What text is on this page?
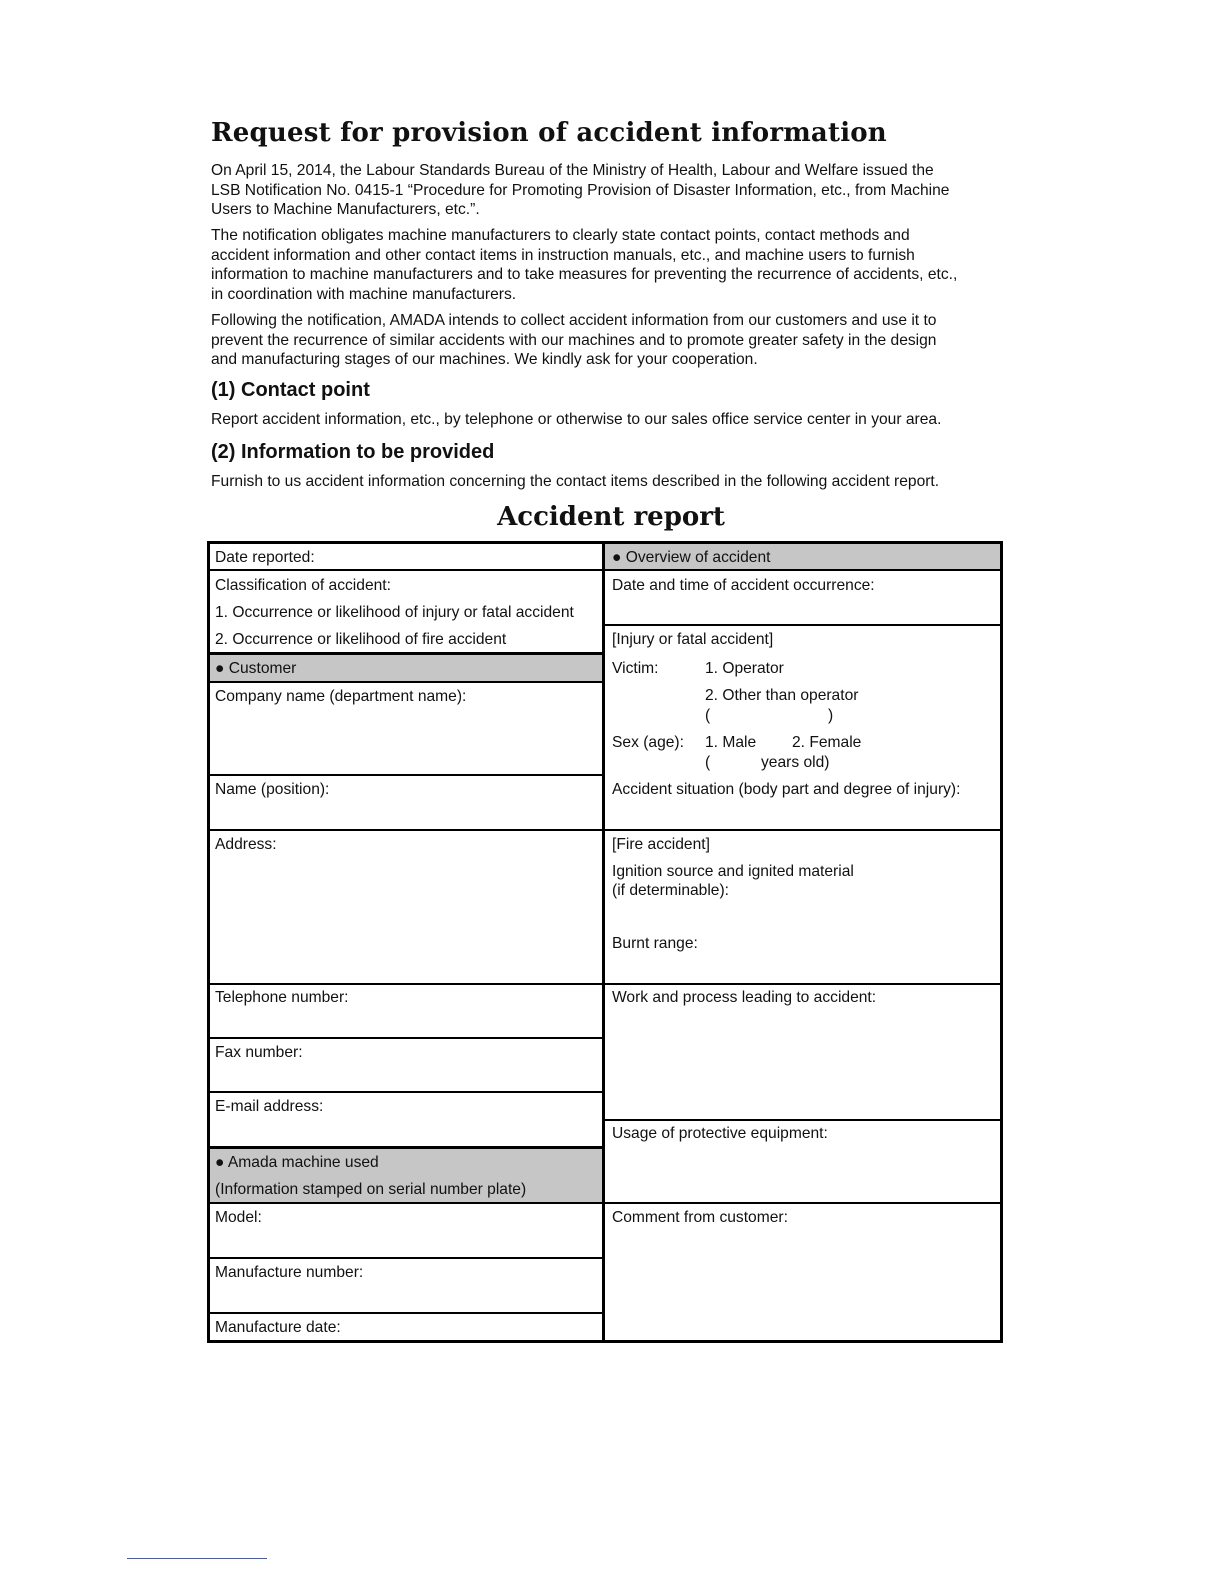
Request for provision of accident information

On April 15, 2014, the Labour Standards Bureau of the Ministry of Health, Labour and Welfare issued the
LSB Notification No. 0415-1 “Procedure for Promoting Provision of Disaster Information, etc., from Machine
Users to Machine Manufacturers, etc.”.

The notification obligates machine manufacturers to clearly state contact points, contact methods and
accident information and other contact items in instruction manuals, etc., and machine users to furnish
information to machine manufacturers and to take measures for preventing the recurrence of accidents, etc.,
in coordination with machine manufacturers.

Following the notification, AMADA intends to collect accident information from our customers and use it to
prevent the recurrence of similar accidents with our machines and to promote greater safety in the design
and manufacturing stages of our machines. We kindly ask for your cooperation.

(1) Contact point

Report accident information, etc., by telephone or otherwise to our sales office service center in your area.

(2) Information to be provided

Furnish to us accident information concerning the contact items described in the following accident report.

Accident report
Date reported:
Classification of accident:
1. Occurrence or likelihood of injury or fatal accident
2. Occurrence or likelihood of fire accident
● Customer
Company name (department name):
Name (position):
Address:
Telephone number:
Fax number:
E-mail address:
● Amada machine used
(Information stamped on serial number plate)
Model:
Manufacture number:
Manufacture date:
● Overview of accident
Date and time of accident occurrence:
[Injury or fatal accident]
Victim:	1. Operator
2. Other than operator
(	)
Sex (age): 1. Male 2. Female
(	years old)
Accident situation (body part and degree of injury):
[Fire accident]
Ignition source and ignited material
(if determinable):
Burnt range:
Work and process leading to accident:
Usage of protective equipment:
Comment from customer:
